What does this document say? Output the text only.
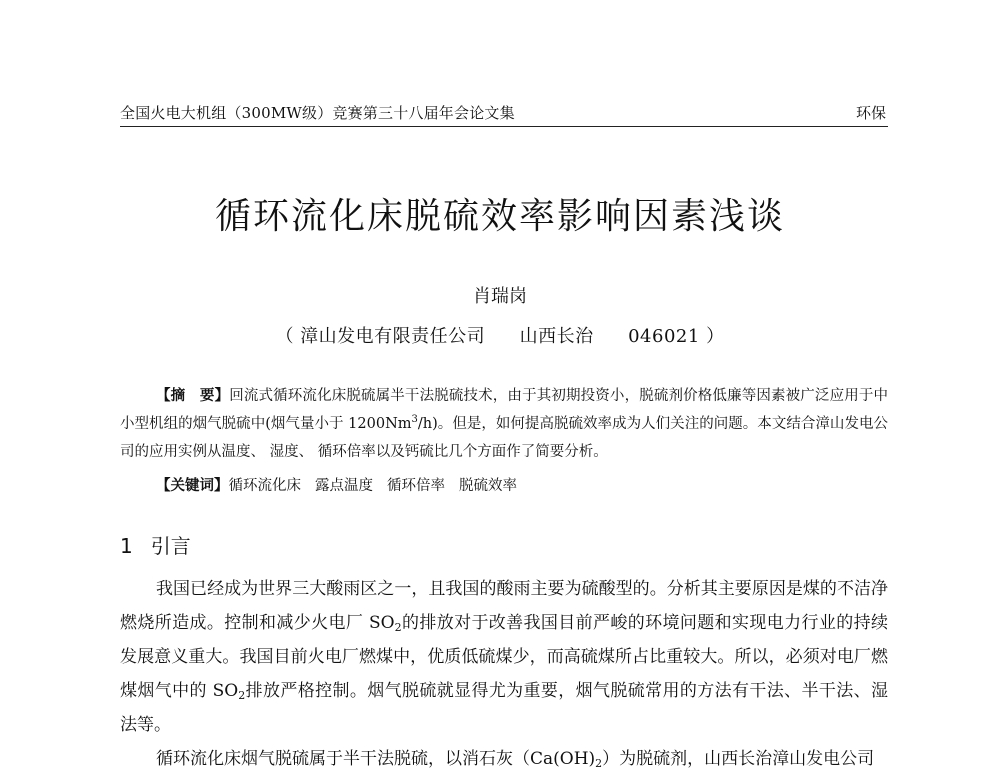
全国火电大机组（300MW级）竞赛第三十八届年会论文集	环保
循环流化床脱硫效率影响因素浅谈
肖瑞岗
（ 漳山发电有限责任公司 山西长治 046021 ）

【摘　要】回流式循环流化床脱硫属半干法脱硫技术，由于其初期投资小，脱硫剂价格低廉等因素被广泛应用于中小型机组的烟气脱硫中(烟气量小于 1200Nm$^3$/h)。但是，如何提高脱硫效率成为人们关注的问题。本文结合漳山发电公司的应用实例从温度、 湿度、 循环倍率以及钙硫比几个方面作了简要分析。

【关键词】循环流化床 露点温度 循环倍率 脱硫效率
1 引言

我国已经成为世界三大酸雨区之一，且我国的酸雨主要为硫酸型的。分析其主要原因是煤的不洁净燃烧所造成。控制和减少火电厂 $SO_2$的排放对于改善我国目前严峻的环境问题和实现电力行业的持续发展意义重大。我国目前火电厂燃煤中，优质低硫煤少，而高硫煤所占比重较大。所以，必须对电厂燃煤烟气中的 $SO_2$排放严格控制。烟气脱硫就显得尤为重要，烟气脱硫常用的方法有干法、半干法、湿法等。

循环流化床烟气脱硫属于半干法脱硫，以消石灰$(Ca(OH)_2)$为脱硫剂，山西长治漳山发电公司
